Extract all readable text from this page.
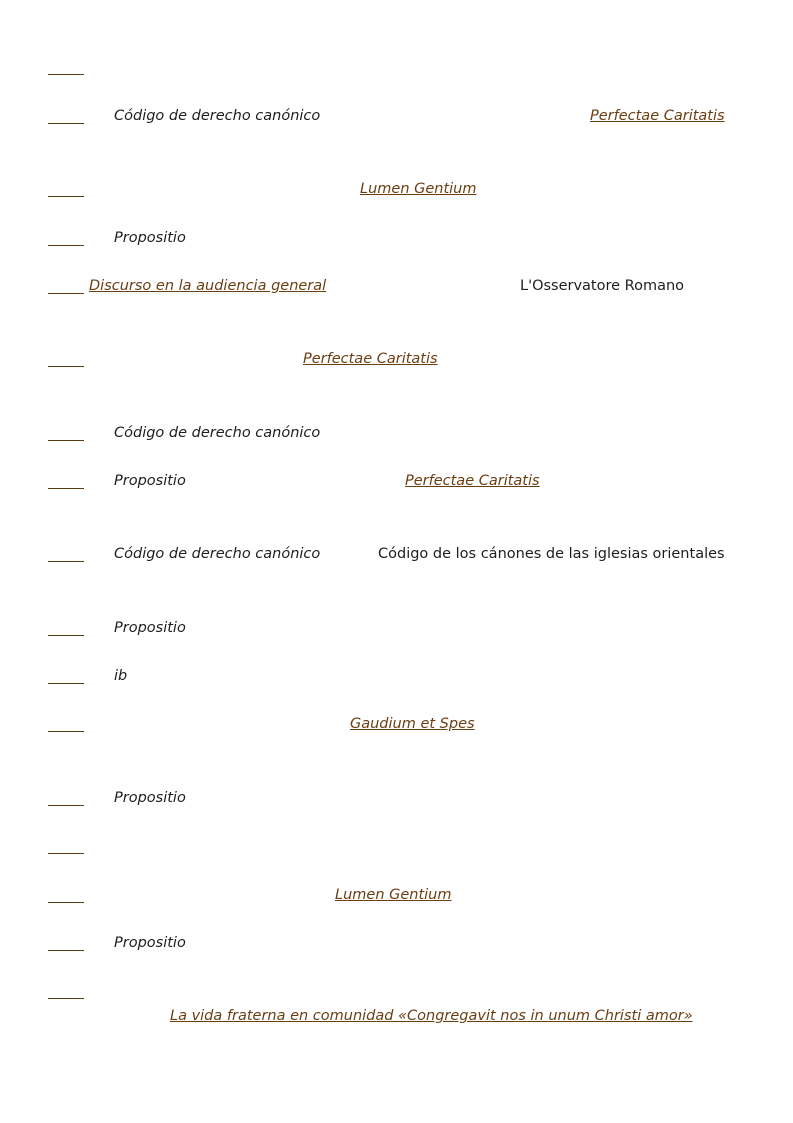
Código de derecho canónico	Perfectae Caritatis
Lumen Gentium
Propositio
Discurso en la audiencia general	L'Osservatore Romano
Perfectae Caritatis
Código de derecho canónico
Propositio	Perfectae Caritatis
Código de derecho canónico	Código de los cánones de las iglesias orientales
Propositio
ib
Gaudium et Spes
Propositio
Lumen Gentium
Propositio
La vida fraterna en comunidad «Congregavit nos in unum Christi amor»
